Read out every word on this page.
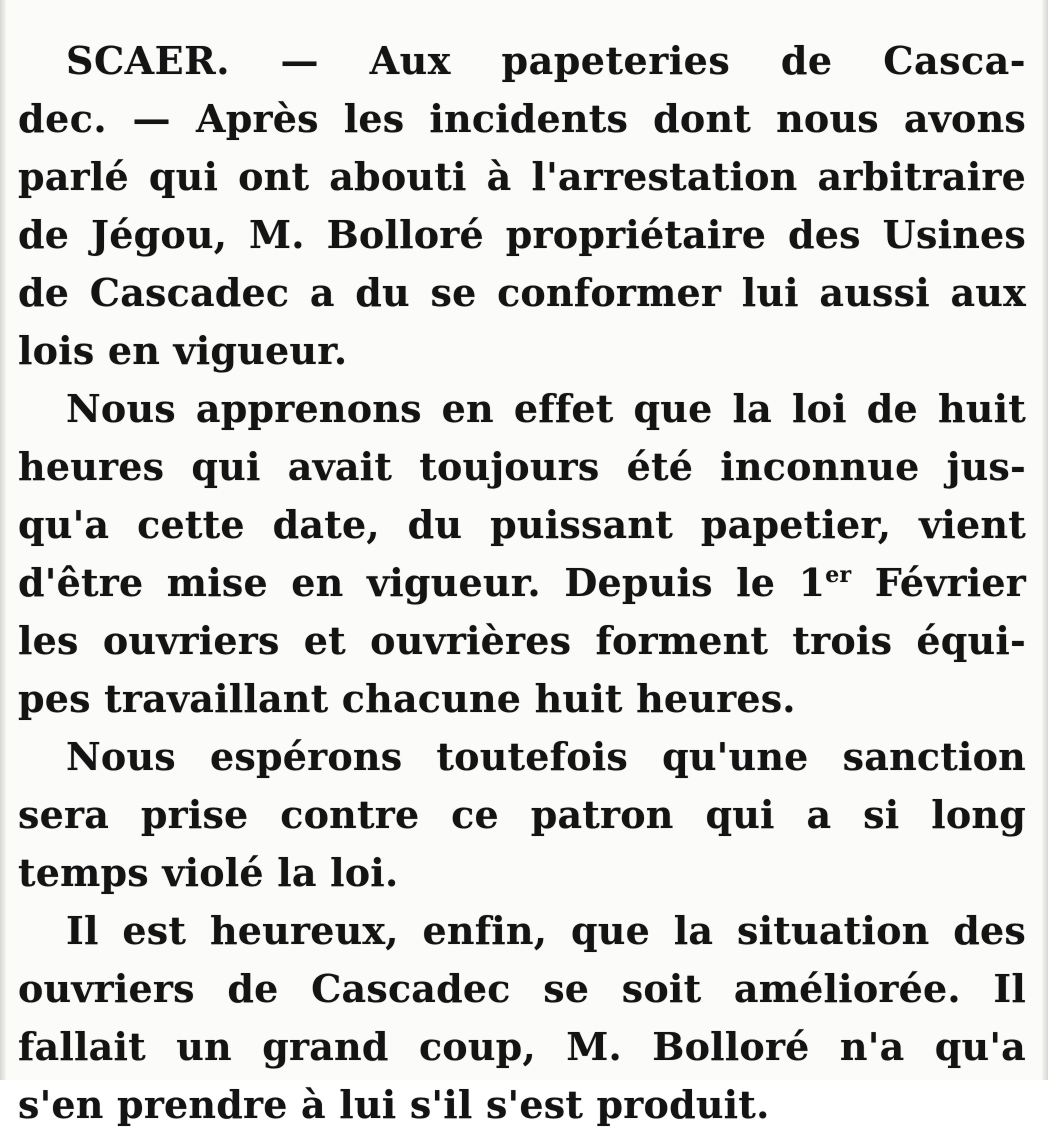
SCAER. — Aux papeteries de Casca-
dec. — Après les incidents dont nous avons
parlé qui ont abouti à l'arrestation arbitraire
de Jégou, M. Bolloré propriétaire des Usines
de Cascadec a du se conformer lui aussi aux
lois en vigueur.
Nous apprenons en effet que la loi de huit
heures qui avait toujours été inconnue jus-
qu'a cette date, du puissant papetier, vient
d'être mise en vigueur. Depuis le 1er Février
les ouvriers et ouvrières forment trois équi-
pes travaillant chacune huit heures.
Nous espérons toutefois qu'une sanction
sera prise contre ce patron qui a si long
temps violé la loi.
Il est heureux, enfin, que la situation des
ouvriers de Cascadec se soit améliorée. Il
fallait un grand coup, M. Bolloré n'a qu'a
s'en prendre à lui s'il s'est produit.
